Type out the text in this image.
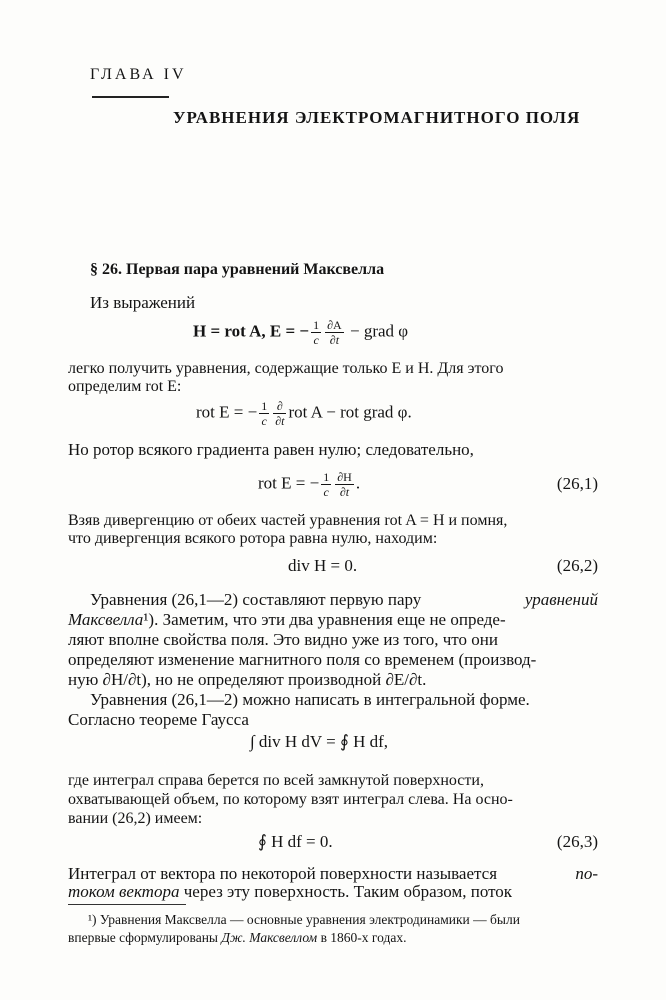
ГЛАВА IV
УРАВНЕНИЯ ЭЛЕКТРОМАГНИТНОГО ПОЛЯ
§ 26. Первая пара уравнений Максвелла
Из выражений
H = rot A, E = − $\frac{1}{c} \frac{\partial A}{\partial t}$ − grad φ
легко получить уравнения, содержащие только E и H. Для этого
определим rot E:
rot E = − $\frac{1}{c} \frac{\partial}{\partial t}$ rot A − rot grad φ.
Но ротор всякого градиента равен нулю; следовательно,
rot E = − $\frac{1}{c} \frac{\partial H}{\partial t}$ .	(26,1)
Взяв дивергенцию от обеих частей уравнения rot A = H и помня,
что дивергенция всякого ротора равна нулю, находим:
div H = 0.	(26,2)
Уравнения (26,1—2) составляют первую пару	уравнений
Максвелла¹). Заметим, что эти два уравнения еще не опреде-
ляют вполне свойства поля. Это видно уже из того, что они
определяют изменение магнитного поля со временем (производ-
ную ∂H/∂t), но не определяют производной ∂E/∂t.
Уравнения (26,1—2) можно написать в интегральной форме.
Согласно теореме Гаусса
∫ div H dV = ∮ H df,
где интеграл справа берется по всей замкнутой поверхности,
охватывающей объем, по которому взят интеграл слева. На осно-
вании (26,2) имеем:
∮ H df = 0.	(26,3)
Интеграл от вектора по некоторой поверхности называется	по-
током вектора через эту поверхность. Таким образом, поток
¹) Уравнения Максвелла — основные уравнения электродинамики — были
впервые сформулированы Дж. Максвеллом в 1860-х годах.
